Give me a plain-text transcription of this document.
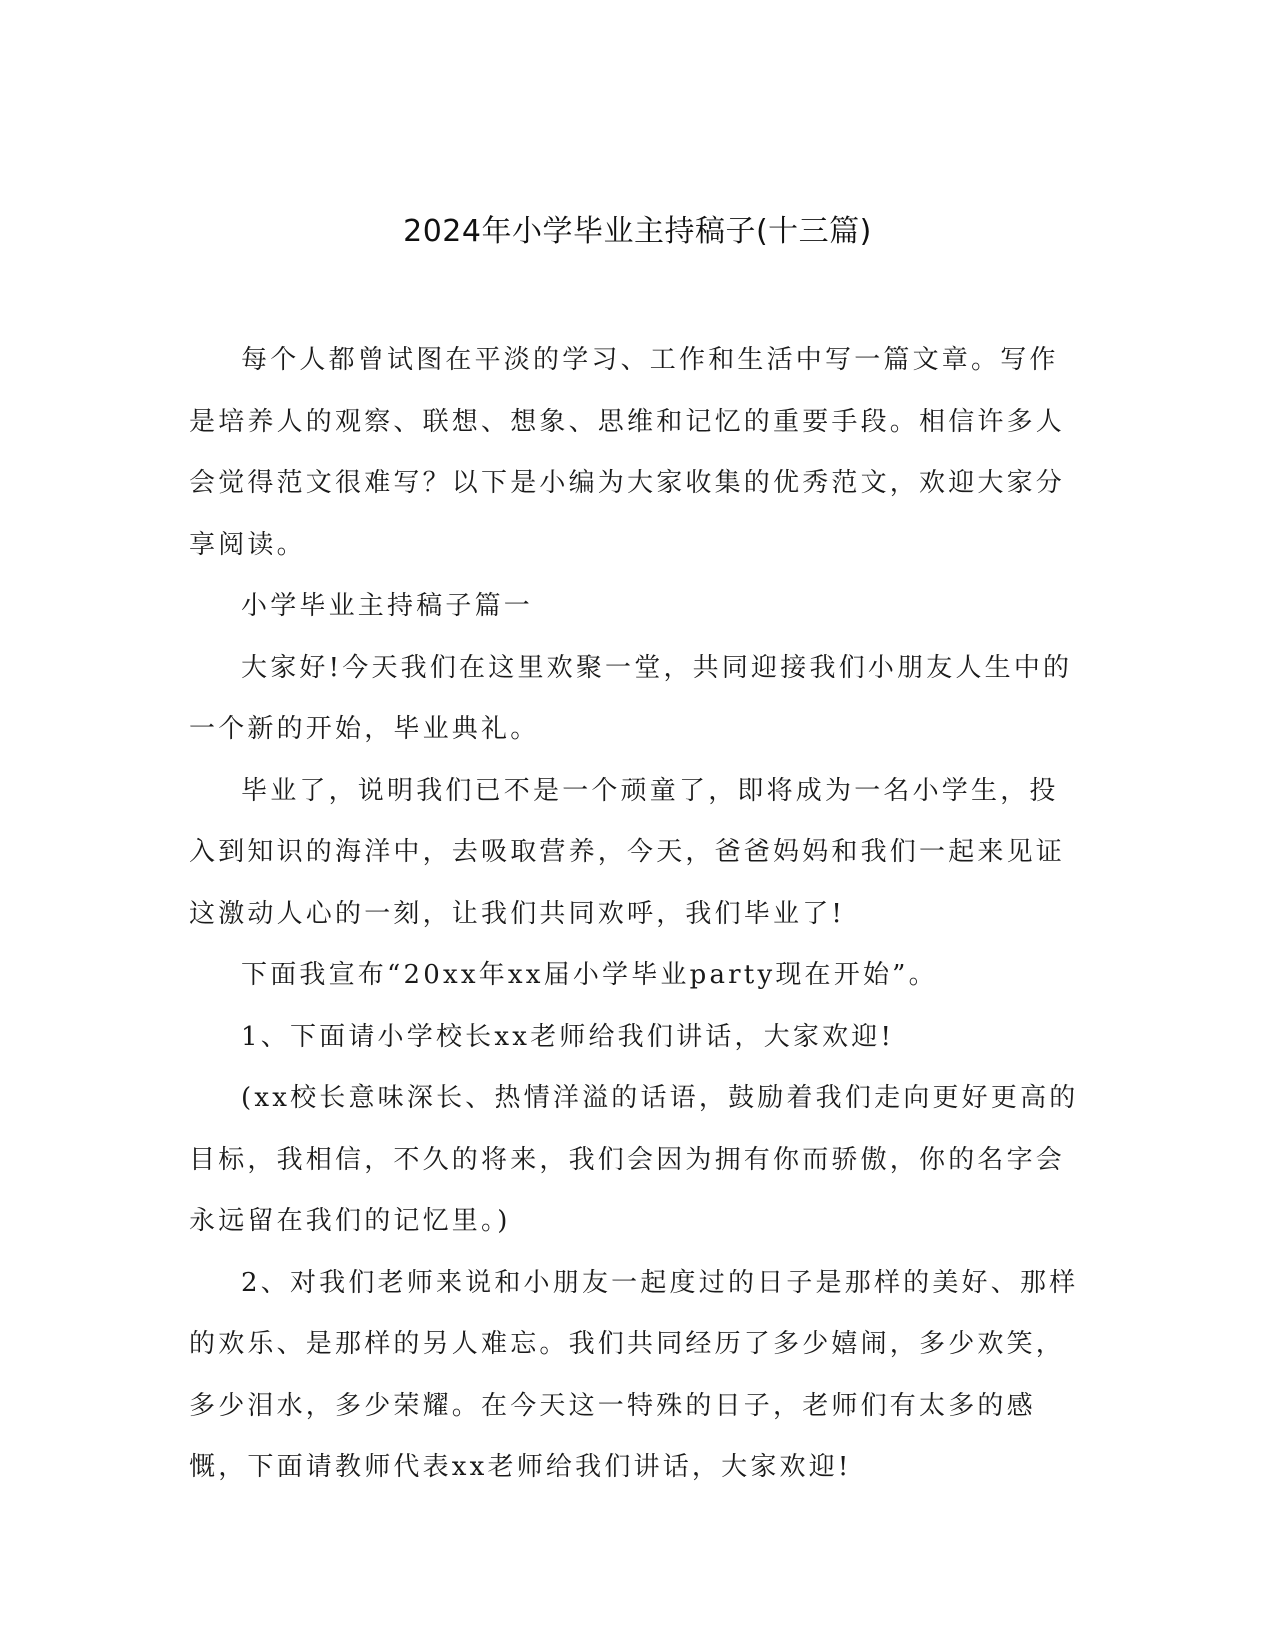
2024年小学毕业主持稿子(十三篇)

每个人都曾试图在平淡的学习、工作和生活中写一篇文章。写作是培养人的观察、联想、想象、思维和记忆的重要手段。相信许多人会觉得范文很难写？以下是小编为大家收集的优秀范文，欢迎大家分享阅读。

小学毕业主持稿子篇一

大家好!今天我们在这里欢聚一堂，共同迎接我们小朋友人生中的一个新的开始，毕业典礼。

毕业了，说明我们已不是一个顽童了，即将成为一名小学生，投入到知识的海洋中，去吸取营养，今天，爸爸妈妈和我们一起来见证这激动人心的一刻，让我们共同欢呼，我们毕业了!

下面我宣布“20xx年xx届小学毕业party现在开始”。

1、下面请小学校长xx老师给我们讲话，大家欢迎!

(xx校长意味深长、热情洋溢的话语，鼓励着我们走向更好更高的目标，我相信，不久的将来，我们会因为拥有你而骄傲，你的名字会永远留在我们的记忆里。)

2、对我们老师来说和小朋友一起度过的日子是那样的美好、那样的欢乐、是那样的另人难忘。我们共同经历了多少嬉闹，多少欢笑，多少泪水，多少荣耀。在今天这一特殊的日子，老师们有太多的感慨，下面请教师代表xx老师给我们讲话，大家欢迎!
